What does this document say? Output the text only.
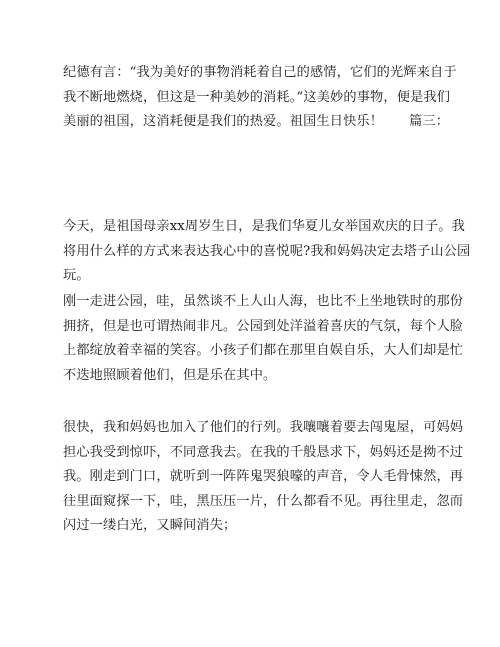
纪德有言：“我为美好的事物消耗着自己的感情，它们的光辉来自于
我不断地燃烧，但这是一种美妙的消耗。”这美妙的事物，便是我们
美丽的祖国，这消耗便是我们的热爱。祖国生日快乐！ 篇三：
今天，是祖国母亲xx周岁生日，是我们华夏儿女举国欢庆的日子。我
将用什么样的方式来表达我心中的喜悦呢?我和妈妈决定去塔子山公园
玩。
刚一走进公园，哇，虽然谈不上人山人海，也比不上坐地铁时的那份
拥挤，但是也可谓热闹非凡。公园到处洋溢着喜庆的气氛，每个人脸
上都绽放着幸福的笑容。小孩子们都在那里自娱自乐，大人们却是忙
不迭地照顾着他们，但是乐在其中。
很快，我和妈妈也加入了他们的行列。我嚷嚷着要去闯鬼屋，可妈妈
担心我受到惊吓，不同意我去。在我的千般恳求下，妈妈还是拗不过
我。刚走到门口，就听到一阵阵鬼哭狼嚎的声音，令人毛骨悚然，再
往里面窥探一下，哇，黑压压一片，什么都看不见。再往里走，忽而
闪过一缕白光，又瞬间消失；
